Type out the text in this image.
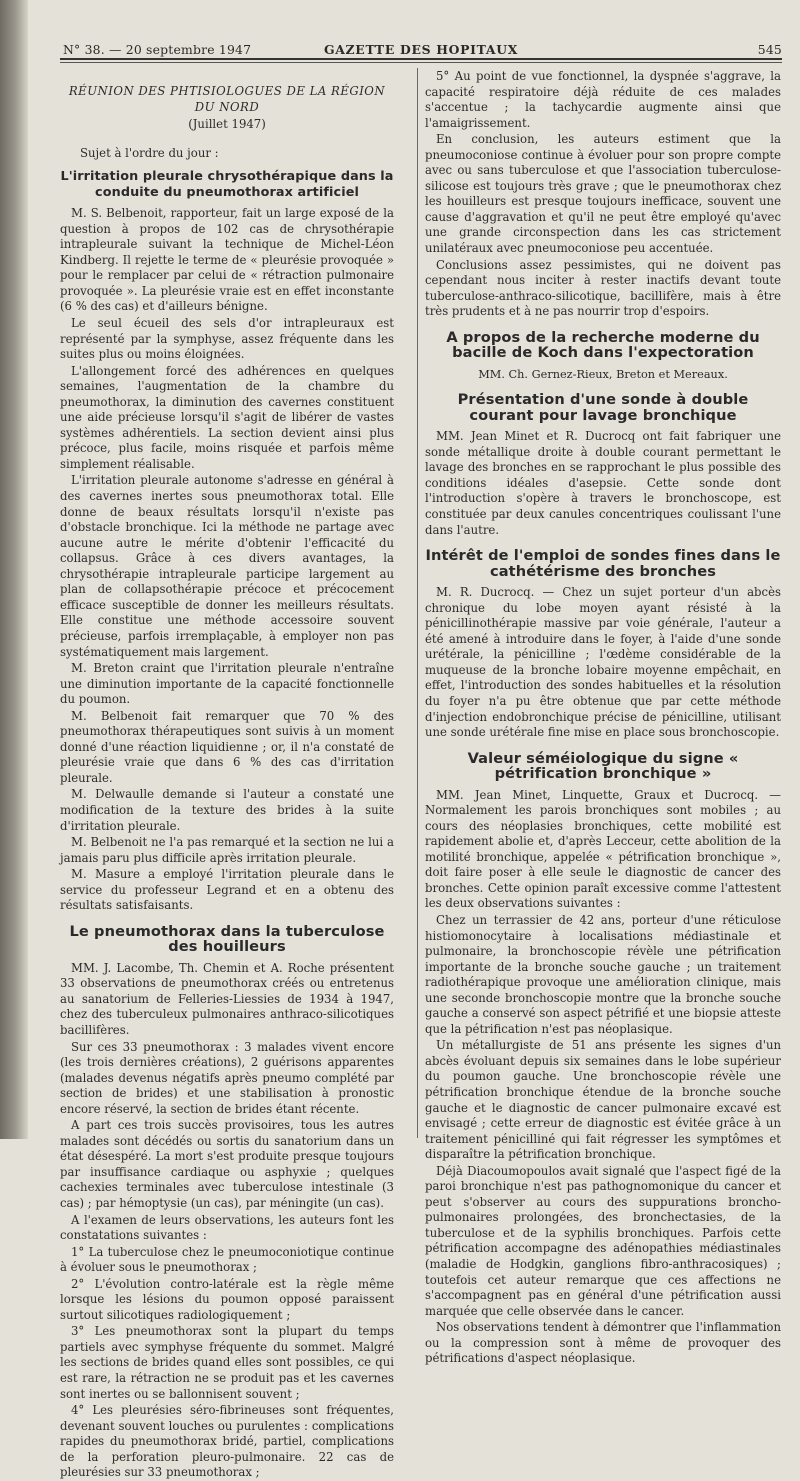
N° 38. — 20 septembre 1947	GAZETTE DES HOPITAUX	545

RÉUNION DES PHTISIOLOGUES DE LA RÉGION DU NORD

(Juillet 1947)

Sujet à l'ordre du jour :

L'irritation pleurale chrysothérapique dans la conduite du pneumothorax artificiel

M. S. Belbenoit, rapporteur, fait un large exposé de la question à propos de 102 cas de chrysothérapie intrapleurale suivant la technique de Michel-Léon Kindberg. Il rejette le terme de « pleurésie provoquée » pour le remplacer par celui de « rétraction pulmonaire provoquée ». La pleurésie vraie est en effet inconstante (6 % des cas) et d'ailleurs bénigne.

Le seul écueil des sels d'or intrapleuraux est représenté par la symphyse, assez fréquente dans les suites plus ou moins éloignées.

L'allongement forcé des adhérences en quelques semaines, l'augmentation de la chambre du pneumothorax, la diminution des cavernes constituent une aide précieuse lorsqu'il s'agit de libérer de vastes systèmes adhérentiels. La section devient ainsi plus précoce, plus facile, moins risquée et parfois même simplement réalisable.

L'irritation pleurale autonome s'adresse en général à des cavernes inertes sous pneumothorax total. Elle donne de beaux résultats lorsqu'il n'existe pas d'obstacle bronchique. Ici la méthode ne partage avec aucune autre le mérite d'obtenir l'efficacité du collapsus. Grâce à ces divers avantages, la chrysothérapie intrapleurale participe largement au plan de collapsothérapie précoce et précocement efficace susceptible de donner les meilleurs résultats. Elle constitue une méthode accessoire souvent précieuse, parfois irremplaçable, à employer non pas systématiquement mais largement.

M. Breton craint que l'irritation pleurale n'entraîne une diminution importante de la capacité fonctionnelle du poumon.

M. Belbenoit fait remarquer que 70 % des pneumothorax thérapeutiques sont suivis à un moment donné d'une réaction liquidienne ; or, il n'a constaté de pleurésie vraie que dans 6 % des cas d'irritation pleurale.

M. Delwaulle demande si l'auteur a constaté une modification de la texture des brides à la suite d'irritation pleurale.

M. Belbenoit ne l'a pas remarqué et la section ne lui a jamais paru plus difficile après irritation pleurale.

M. Masure a employé l'irritation pleurale dans le service du professeur Legrand et en a obtenu des résultats satisfaisants.

Le pneumothorax dans la tuberculose des houilleurs

MM. J. Lacombe, Th. Chemin et A. Roche présentent 33 observations de pneumothorax créés ou entretenus au sanatorium de Felleries-Liessies de 1934 à 1947, chez des tuberculeux pulmonaires anthraco-silicotiques bacillifères.

Sur ces 33 pneumothorax : 3 malades vivent encore (les trois dernières créations), 2 guérisons apparentes (malades devenus négatifs après pneumo complété par section de brides) et une stabilisation à pronostic encore réservé, la section de brides étant récente.

A part ces trois succès provisoires, tous les autres malades sont décédés ou sortis du sanatorium dans un état désespéré. La mort s'est produite presque toujours par insuffisance cardiaque ou asphyxie ; quelques cachexies terminales avec tuberculose intestinale (3 cas) ; par hémoptysie (un cas), par méningite (un cas).

A l'examen de leurs observations, les auteurs font les constatations suivantes :

1° La tuberculose chez le pneumoconiotique continue à évoluer sous le pneumothorax ;

2° L'évolution contro-latérale est la règle même lorsque les lésions du poumon opposé paraissent surtout silicotiques radiologiquement ;

3° Les pneumothorax sont la plupart du temps partiels avec symphyse fréquente du sommet. Malgré les sections de brides quand elles sont possibles, ce qui est rare, la rétraction ne se produit pas et les cavernes sont inertes ou se ballonnisent souvent ;

4° Les pleurésies séro-fibrineuses sont fréquentes, devenant souvent louches ou purulentes : complications rapides du pneumothorax bridé, partiel, complications de la perforation pleuro-pulmonaire. 22 cas de pleurésies sur 33 pneumothorax ;

5° Au point de vue fonctionnel, la dyspnée s'aggrave, la capacité respiratoire déjà réduite de ces malades s'accentue ; la tachycardie augmente ainsi que l'amaigrissement.

En conclusion, les auteurs estiment que la pneumoconiose continue à évoluer pour son propre compte avec ou sans tuberculose et que l'association tuberculose-silicose est toujours très grave ; que le pneumothorax chez les houilleurs est presque toujours inefficace, souvent une cause d'aggravation et qu'il ne peut être employé qu'avec une grande circonspection dans les cas strictement unilatéraux avec pneumoconiose peu accentuée.

Conclusions assez pessimistes, qui ne doivent pas cependant nous inciter à rester inactifs devant toute tuberculose-anthraco-silicotique, bacillifère, mais à être très prudents et à ne pas nourrir trop d'espoirs.

A propos de la recherche moderne du bacille de Koch dans l'expectoration

MM. Ch. Gernez-Rieux, Breton et Mereaux.

Présentation d'une sonde à double courant pour lavage bronchique

MM. Jean Minet et R. Ducrocq ont fait fabriquer une sonde métallique droite à double courant permettant le lavage des bronches en se rapprochant le plus possible des conditions idéales d'asepsie. Cette sonde dont l'introduction s'opère à travers le bronchoscope, est constituée par deux canules concentriques coulissant l'une dans l'autre.

Intérêt de l'emploi de sondes fines dans le cathétérisme des bronches

M. R. Ducrocq. — Chez un sujet porteur d'un abcès chronique du lobe moyen ayant résisté à la pénicillinothérapie massive par voie générale, l'auteur a été amené à introduire dans le foyer, à l'aide d'une sonde urétérale, la pénicilline ; l'œdème considérable de la muqueuse de la bronche lobaire moyenne empêchait, en effet, l'introduction des sondes habituelles et la résolution du foyer n'a pu être obtenue que par cette méthode d'injection endobronchique précise de pénicilline, utilisant une sonde urétérale fine mise en place sous bronchoscopie.

Valeur séméiologique du signe « pétrification bronchique »

MM. Jean Minet, Linquette, Graux et Ducrocq. — Normalement les parois bronchiques sont mobiles ; au cours des néoplasies bronchiques, cette mobilité est rapidement abolie et, d'après Lecceur, cette abolition de la motilité bronchique, appelée « pétrification bronchique », doit faire poser à elle seule le diagnostic de cancer des bronches. Cette opinion paraît excessive comme l'attestent les deux observations suivantes :

Chez un terrassier de 42 ans, porteur d'une réticulose histiomonocytaire à localisations médiastinale et pulmonaire, la bronchoscopie révèle une pétrification importante de la bronche souche gauche ; un traitement radiothérapique provoque une amélioration clinique, mais une seconde bronchoscopie montre que la bronche souche gauche a conservé son aspect pétrifié et une biopsie atteste que la pétrification n'est pas néoplasique.

Un métallurgiste de 51 ans présente les signes d'un abcès évoluant depuis six semaines dans le lobe supérieur du poumon gauche. Une bronchoscopie révèle une pétrification bronchique étendue de la bronche souche gauche et le diagnostic de cancer pulmonaire excavé est envisagé ; cette erreur de diagnostic est évitée grâce à un traitement pénicilliné qui fait régresser les symptômes et disparaître la pétrification bronchique.

Déjà Diacoumopoulos avait signalé que l'aspect figé de la paroi bronchique n'est pas pathognomonique du cancer et peut s'observer au cours des suppurations broncho-pulmonaires prolongées, des bronchectasies, de la tuberculose et de la syphilis bronchiques. Parfois cette pétrification accompagne des adénopathies médiastinales (maladie de Hodgkin, ganglions fibro-anthracosiques) ; toutefois cet auteur remarque que ces affections ne s'accompagnent pas en général d'une pétrification aussi marquée que celle observée dans le cancer.

Nos observations tendent à démontrer que l'inflammation ou la compression sont à même de provoquer des pétrifications d'aspect néoplasique.
